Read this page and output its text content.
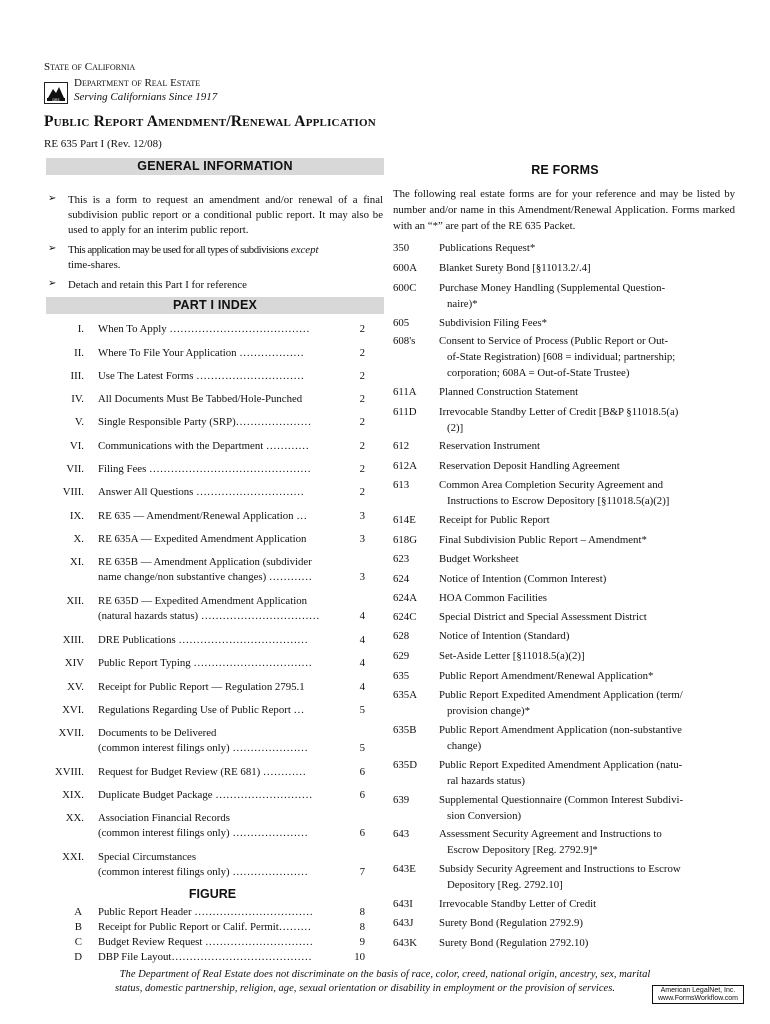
State of California
DRE
Department of Real Estate
Serving Californians Since 1917
Public Report Amendment/Renewal Application
RE 635 Part I (Rev. 12/08)
GENERAL INFORMATION
➢ This is a form to request an amendment and/or renewal of a final subdivision public report or a conditional public report. It may also be used to apply for an interim public report.
➢ This application may be used for all types of subdivisions except
time-shares.
➢ Detach and retain this Part I for reference
PART I INDEX
I. When To Apply …………………………………	2
II. Where To File Your Application ………………	2
III. Use The Latest Forms …………………………	2
IV. All Documents Must Be Tabbed/Hole-Punched	2
V. Single Responsible Party (SRP)…………………	2
VI. Communications with the Department …………	2
VII. Filing Fees ………………………………………	2
VIII. Answer All Questions …………………………	2
IX. RE 635 — Amendment/Renewal Application …	3
X. RE 635A — Expedited Amendment Application	3
XI. RE 635B — Amendment Application (subdivider
name change/non substantive changes) …………	3
XII. RE 635D — Expedited Amendment Application
(natural hazards status) ……………………………	4
XIII. DRE Publications ………………………………	4
XIV Public Report Typing ……………………………	4
XV. Receipt for Public Report — Regulation 2795.1	4
XVI. Regulations Regarding Use of Public Report …	5
XVII. Documents to be Delivered
(common interest filings only) …………………	5
XVIII. Request for Budget Review (RE 681) …………	6
XIX. Duplicate Budget Package ………………………	6
XX. Association Financial Records
(common interest filings only) …………………	6
XXI. Special Circumstances
(common interest filings only) …………………	7
FIGURE
A Public Report Header ……………………………	8
B Receipt for Public Report or Calif. Permit………	8
C Budget Review Request …………………………	9
D DBP File Layout…………………………………	10
RE FORMS
The following real estate forms are for your reference and may be listed by number and/or name in this Amendment/Renewal Application. Forms marked with an “*” are part of the RE 635 Packet.
350	Publications Request*
600A	Blanket Surety Bond [§11013.2/.4]
600C	Purchase Money Handling (Supplemental Question-
naire)*
605	Subdivision Filing Fees*
608's	Consent to Service of Process (Public Report or Out-
of-State Registration) [608 = individual; partnership;
corporation; 608A = Out-of-State Trustee)
611A	Planned Construction Statement
611D	Irrevocable Standby Letter of Credit [B&P §11018.5(a)
(2)]
612	Reservation Instrument
612A	Reservation Deposit Handling Agreement
613	Common Area Completion Security Agreement and
Instructions to Escrow Depository [§11018.5(a)(2)]
614E	Receipt for Public Report
618G	Final Subdivision Public Report – Amendment*
623	Budget Worksheet
624	Notice of Intention (Common Interest)
624A	HOA Common Facilities
624C	Special District and Special Assessment District
628	Notice of Intention (Standard)
629	Set-Aside Letter [§11018.5(a)(2)]
635	Public Report Amendment/Renewal Application*
635A	Public Report Expedited Amendment Application (term/
provision change)*
635B	Public Report Amendment Application (non-substantive
change)
635D	Public Report Expedited Amendment Application (natu-
ral hazards status)
639	Supplemental Questionnaire (Common Interest Subdivi-
sion Conversion)
643	Assessment Security Agreement and Instructions to
Escrow Depository [Reg. 2792.9]*
643E	Subsidy Security Agreement and Instructions to Escrow
Depository [Reg. 2792.10]
643I	Irrevocable Standby Letter of Credit
643J	Surety Bond (Regulation 2792.9)
643K	Surety Bond (Regulation 2792.10)
The Department of Real Estate does not discriminate on the basis of race, color, creed, national origin, ancestry, sex, marital
status, domestic partnership, religion, age, sexual orientation or disability in employment or the provision of services.	American LegalNet, Inc.
www.FormsWorkflow.com
